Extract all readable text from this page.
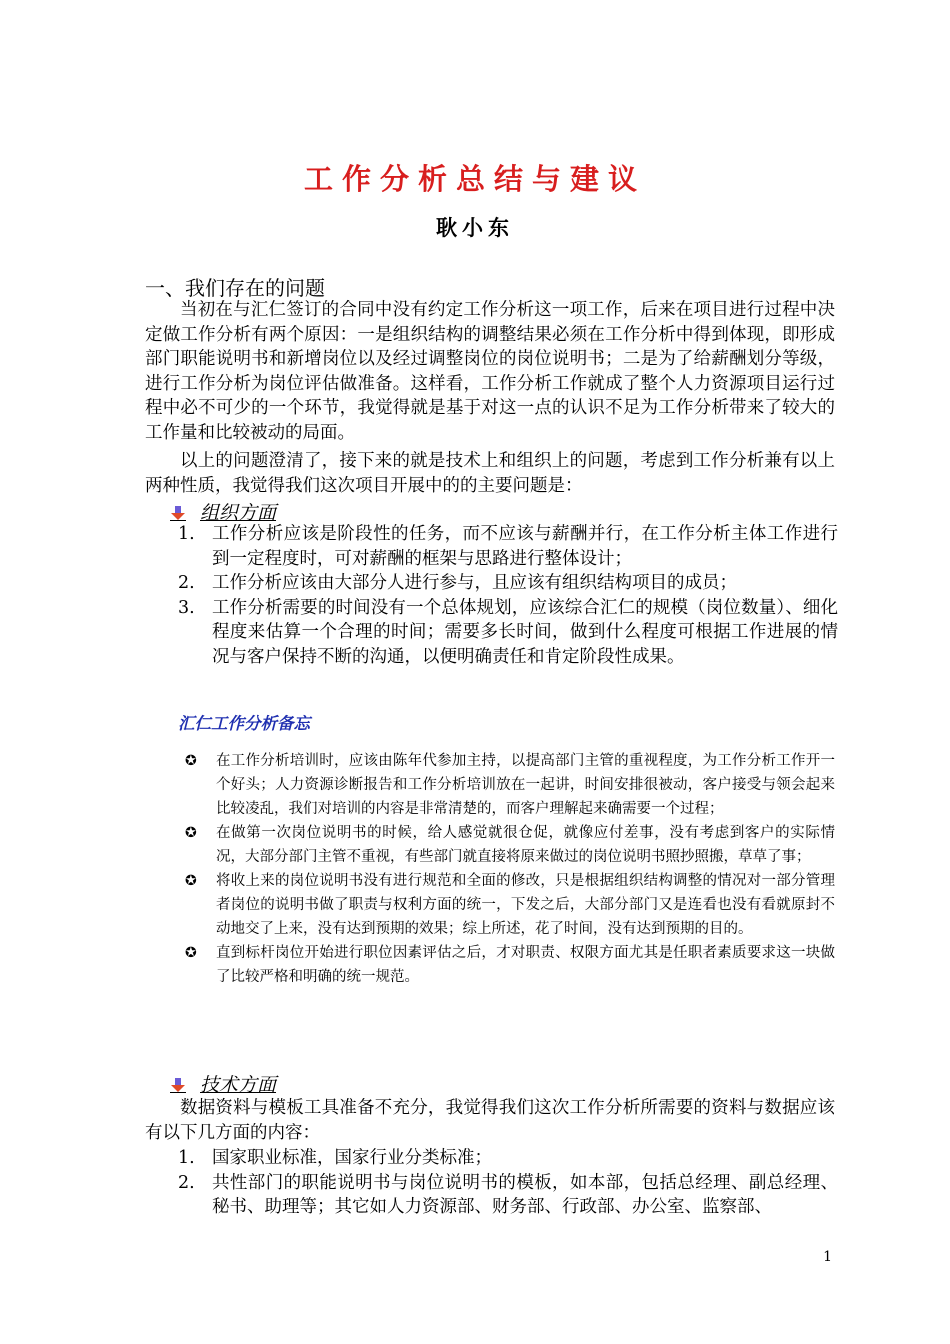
工作分析总结与建议
耿小东
一、我们存在的问题

当初在与汇仁签订的合同中没有约定工作分析这一项工作，后来在项目进行过程中决定做工作分析有两个原因：一是组织结构的调整结果必须在工作分析中得到体现，即形成部门职能说明书和新增岗位以及经过调整岗位的岗位说明书；二是为了给薪酬划分等级，进行工作分析为岗位评估做准备。这样看，工作分析工作就成了整个人力资源项目运行过程中必不可少的一个环节，我觉得就是基于对这一点的认识不足为工作分析带来了较大的工作量和比较被动的局面。

以上的问题澄清了，接下来的就是技术上和组织上的问题，考虑到工作分析兼有以上两种性质，我觉得我们这次项目开展中的的主要问题是：

组织方面
1. 工作分析应该是阶段性的任务，而不应该与薪酬并行，在工作分析主体工作进行到一定程度时，可对薪酬的框架与思路进行整体设计；
2. 工作分析应该由大部分人进行参与，且应该有组织结构项目的成员；
3. 工作分析需要的时间没有一个总体规划，应该综合汇仁的规模（岗位数量）、细化程度来估算一个合理的时间；需要多长时间，做到什么程度可根据工作进展的情况与客户保持不断的沟通，以便明确责任和肯定阶段性成果。
汇仁工作分析备忘
✪ 在工作分析培训时，应该由陈年代参加主持，以提高部门主管的重视程度，为工作分析工作开一个好头；人力资源诊断报告和工作分析培训放在一起讲，时间安排很被动，客户接受与领会起来比较凌乱，我们对培训的内容是非常清楚的，而客户理解起来确需要一个过程；
✪ 在做第一次岗位说明书的时候，给人感觉就很仓促，就像应付差事，没有考虑到客户的实际情况，大部分部门主管不重视，有些部门就直接将原来做过的岗位说明书照抄照搬，草草了事；
✪ 将收上来的岗位说明书没有进行规范和全面的修改，只是根据组织结构调整的情况对一部分管理者岗位的说明书做了职责与权利方面的统一，下发之后，大部分部门又是连看也没有看就原封不动地交了上来，没有达到预期的效果；综上所述，花了时间，没有达到预期的目的。
✪ 直到标杆岗位开始进行职位因素评估之后，才对职责、权限方面尤其是任职者素质要求这一块做了比较严格和明确的统一规范。
技术方面

数据资料与模板工具准备不充分，我觉得我们这次工作分析所需要的资料与数据应该有以下几方面的内容：

1. 国家职业标准，国家行业分类标准；
2. 共性部门的职能说明书与岗位说明书的模板，如本部，包括总经理、副总经理、秘书、助理等；其它如人力资源部、财务部、行政部、办公室、监察部、
1
